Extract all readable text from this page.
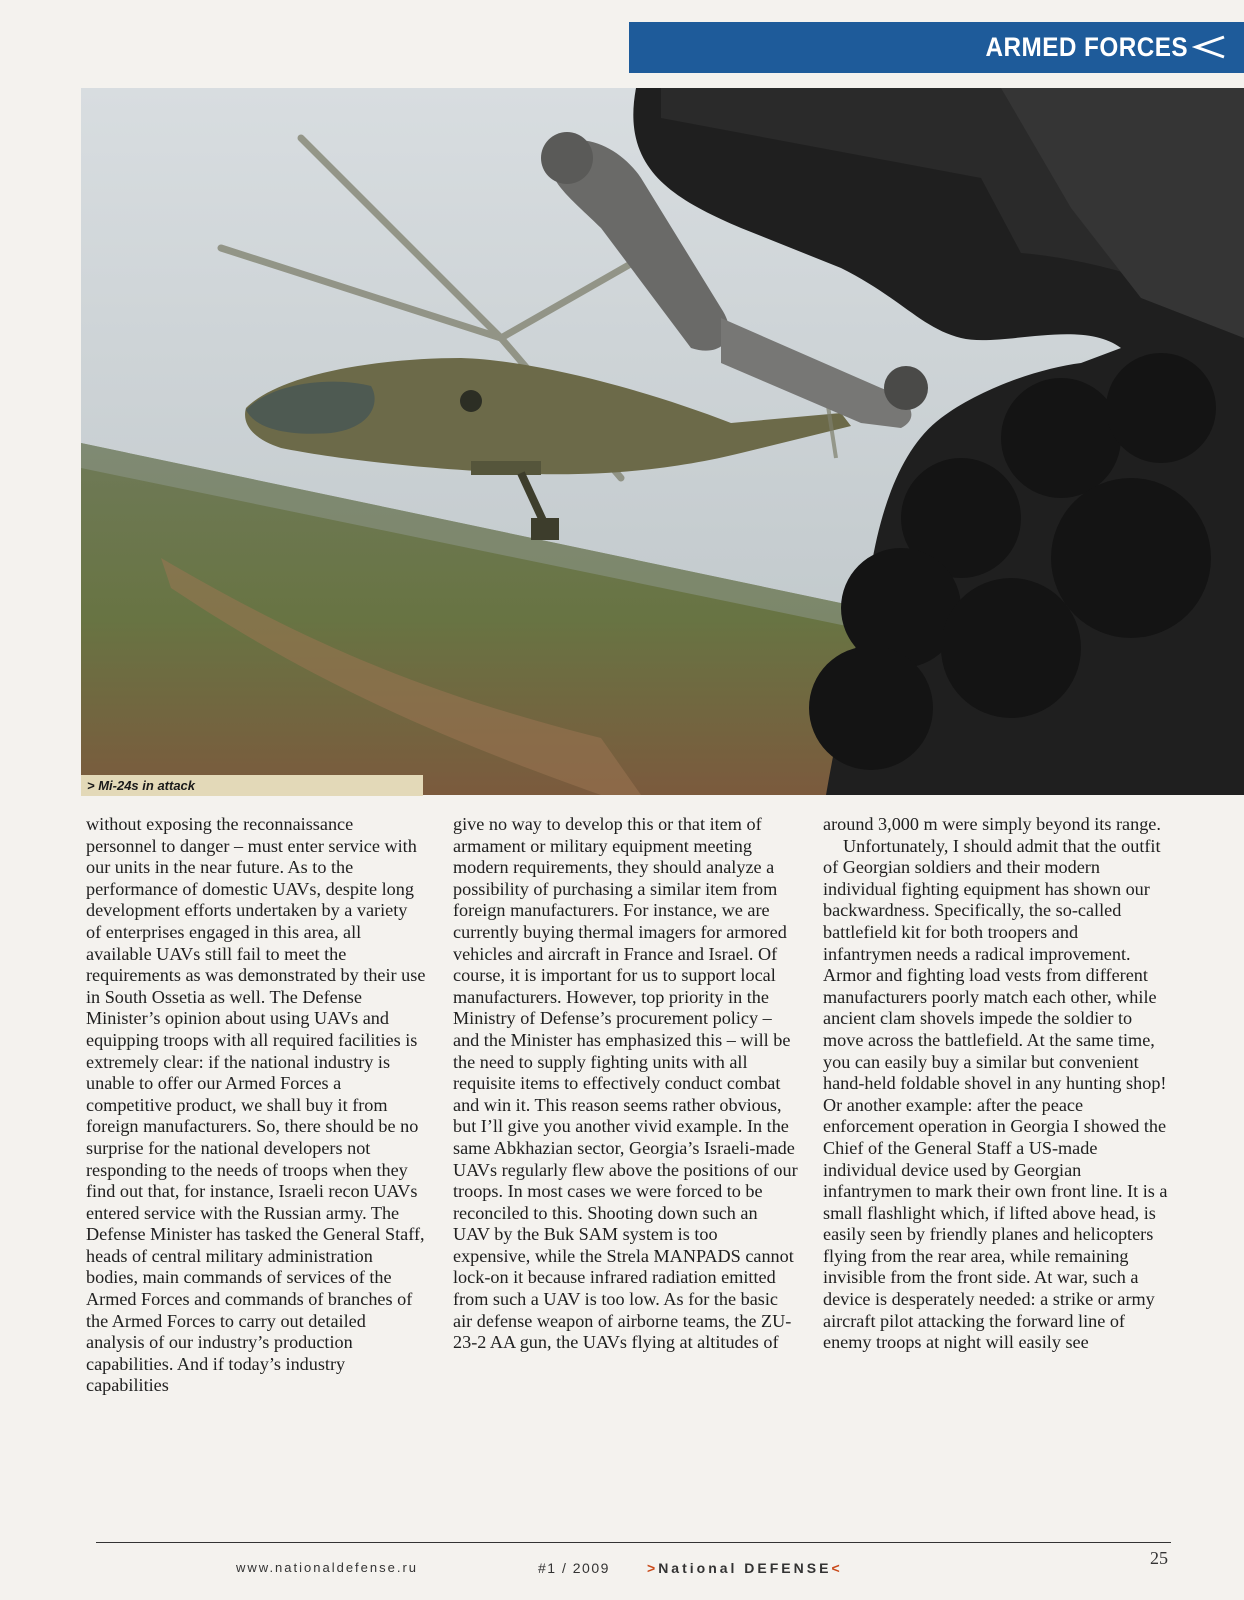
ARMED FORCES
> Mi-24s in attack

without exposing the reconnaissance personnel to danger – must enter service with our units in the near future. As to the performance of domestic UAVs, despite long development efforts undertaken by a variety of enterprises engaged in this area, all available UAVs still fail to meet the requirements as was demonstrated by their use in South Ossetia as well. The Defense Minister’s opinion about using UAVs and equipping troops with all required facilities is extremely clear: if the national industry is unable to offer our Armed Forces a competitive product, we shall buy it from foreign manufacturers. So, there should be no surprise for the national developers not responding to the needs of troops when they find out that, for instance, Israeli recon UAVs entered service with the Russian army. The Defense Minister has tasked the General Staff, heads of central military administration bodies, main commands of services of the Armed Forces and commands of branches of the Armed Forces to carry out detailed analysis of our industry’s production capabilities. And if today’s industry capabilities

give no way to develop this or that item of armament or military equipment meeting modern requirements, they should analyze a possibility of purchasing a similar item from foreign manufacturers. For instance, we are currently buying thermal imagers for armored vehicles and aircraft in France and Israel. Of course, it is important for us to support local manufacturers. However, top priority in the Ministry of Defense’s procurement policy – and the Minister has emphasized this – will be the need to supply fighting units with all requisite items to effectively conduct combat and win it. This reason seems rather obvious, but I’ll give you another vivid example. In the same Abkhazian sector, Georgia’s Israeli-made UAVs regularly flew above the positions of our troops. In most cases we were forced to be reconciled to this. Shooting down such an UAV by the Buk SAM system is too expensive, while the Strela MANPADS cannot lock-on it because infrared radiation emitted from such a UAV is too low. As for the basic air defense weapon of airborne teams, the ZU-23-2 AA gun, the UAVs flying at altitudes of

around 3,000 m were simply beyond its range.

Unfortunately, I should admit that the outfit of Georgian soldiers and their modern individual fighting equipment has shown our backwardness. Specifically, the so-called battlefield kit for both troopers and infantrymen needs a radical improvement. Armor and fighting load vests from different manufacturers poorly match each other, while ancient clam shovels impede the soldier to move across the battlefield. At the same time, you can easily buy a similar but convenient hand-held foldable shovel in any hunting shop! Or another example: after the peace enforcement operation in Georgia I showed the Chief of the General Staff a US-made individual device used by Georgian infantrymen to mark their own front line. It is a small flashlight which, if lifted above head, is easily seen by friendly planes and helicopters flying from the rear area, while remaining invisible from the front side. At war, such a device is desperately needed: a strike or army aircraft pilot attacking the forward line of enemy troops at night will easily see

www.nationaldefense.ru	#1 / 2009	>National DEFENSE<	25
